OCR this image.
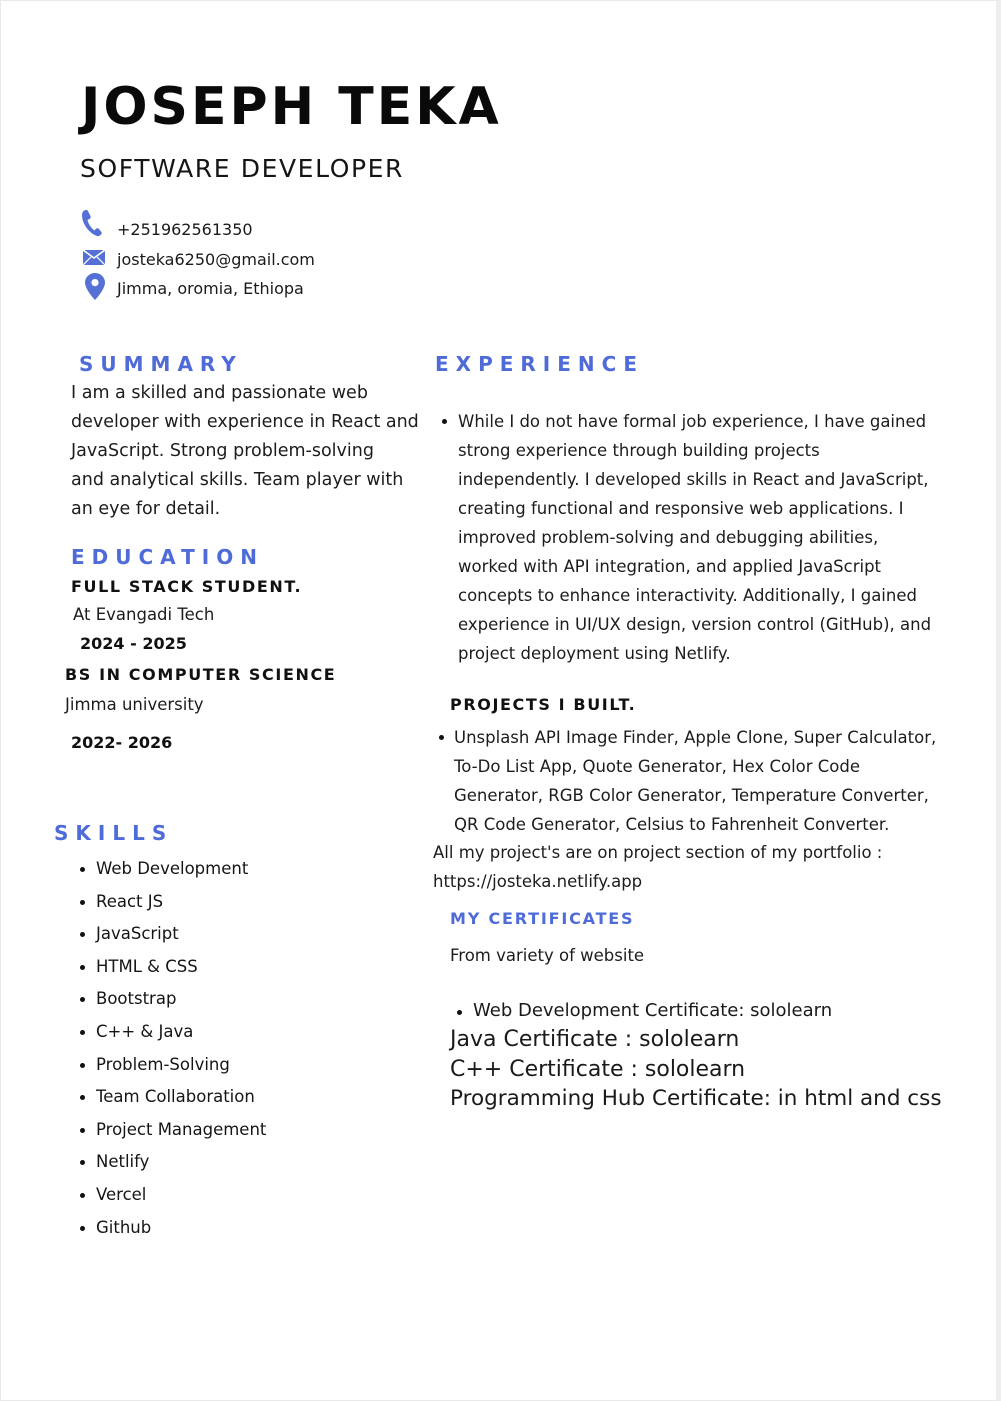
JOSEPH TEKA
SOFTWARE DEVELOPER
+251962561350
josteka6250@gmail.com
Jimma, oromia, Ethiopa
SUMMARY
I am a skilled and passionate web
developer with experience in React and
JavaScript. Strong problem-solving
and analytical skills. Team player with
an eye for detail.
EDUCATION
FULL STACK STUDENT.
At Evangadi Tech
2024 - 2025
BS IN COMPUTER SCIENCE
Jimma university
2022- 2026
SKILLS
Web Development
React JS
JavaScript
HTML & CSS
Bootstrap
C++ & Java
Problem-Solving
Team Collaboration
Project Management
Netlify
Vercel
Github
EXPERIENCE
While I do not have formal job experience, I have gained
strong experience through building projects
independently. I developed skills in React and JavaScript,
creating functional and responsive web applications. I
improved problem-solving and debugging abilities,
worked with API integration, and applied JavaScript
concepts to enhance interactivity. Additionally, I gained
experience in UI/UX design, version control (GitHub), and
project deployment using Netlify.
PROJECTS I BUILT.
Unsplash API Image Finder, Apple Clone, Super Calculator,
To-Do List App, Quote Generator, Hex Color Code
Generator, RGB Color Generator, Temperature Converter,
QR Code Generator, Celsius to Fahrenheit Converter.
All my project's are on project section of my portfolio :
https://josteka.netlify.app
MY CERTIFICATES
From variety of website
Web Development Certificate: sololearn
Java Certificate : sololearn
C++ Certificate : sololearn
Programming Hub Certificate: in html and css
